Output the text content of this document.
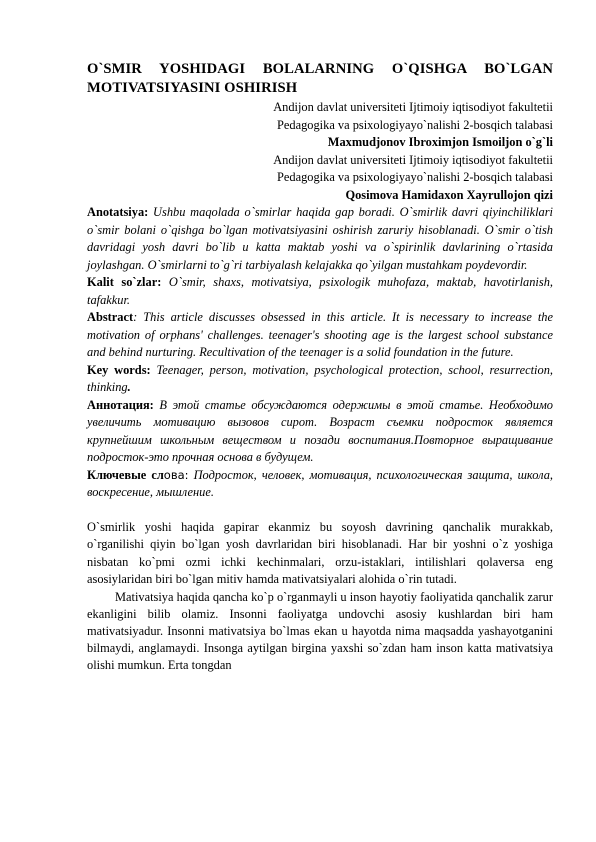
O`SMIR YOSHIDAGI BOLALARNING O`QISHGA BO`LGAN MOTIVATSIYASINI OSHIRISH
Andijon davlat universiteti Ijtimoiy iqtisodiyot fakultetii
Pedagogika va psixologiyayo`nalishi 2-bosqich talabasi
Maxmudjonov Ibroximjon Ismoiljon o`g`li
Andijon davlat universiteti Ijtimoiy iqtisodiyot fakultetii
Pedagogika va psixologiyayo`nalishi 2-bosqich talabasi
Qosimova Hamidaxon Xayrullojon qizi

Anotatsiya: Ushbu maqolada o`smirlar haqida gap boradi. O`smirlik davri qiyinchiliklari o`smir bolani o`qishga bo`lgan motivatsiyasini oshirish zaruriy hisoblanadi. O`smir o`tish davridagi yosh davri bo`lib u katta maktab yoshi va o`spirinlik davlarining o`rtasida joylashgan. O`smirlarni to`g`ri tarbiyalash kelajakka qo`yilgan mustahkam poydevordir.

Kalit so`zlar: O`smir, shaxs, motivatsiya, psixologik muhofaza, maktab, havotirlanish, tafakkur.

Abstract: This article discusses obsessed in this article. It is necessary to increase the motivation of orphans' challenges. teenager's shooting age is the largest school substance and behind nurturing. Recultivation of the teenager is a solid foundation in the future.

Key words: Teenager, person, motivation, psychological protection, school, resurrection, thinking.

Аннотация: В этой статье обсуждаются одержимы в этой статье. Необходимо увеличить мотивацию вызовов сирот. Возраст съемки подросток является крупнейшим школьным веществом и позади воспитания.Повторное выращивание подросток-это прочная основа в будущем.

Ключевые слова: Подросток, человек, мотивация, психологическая защита, школа, воскресение, мышление.

O`smirlik yoshi haqida gapirar ekanmiz bu soyosh davrining qanchalik murakkab, o`rganilishi qiyin bo`lgan yosh davrlaridan biri hisoblanadi. Har bir yoshni o`z yoshiga nisbatan ko`pmi ozmi ichki kechinmalari, orzu-istaklari, intilishlari qolaversa eng asosiylaridan biri bo`lgan mitiv hamda mativatsiyalari alohida o`rin tutadi.

Mativatsiya haqida qancha ko`p o`rganmayli u inson hayotiy faoliyatida qanchalik zarur ekanligini bilib olamiz. Insonni faoliyatga undovchi asosiy kushlardan biri ham mativatsiyadur. Insonni mativatsiya bo`lmas ekan u hayotda nima maqsadda yashayotganini bilmaydi, anglamaydi. Insonga aytilgan birgina yaxshi so`zdan ham inson katta mativatsiya olishi mumkun. Erta tongdan
